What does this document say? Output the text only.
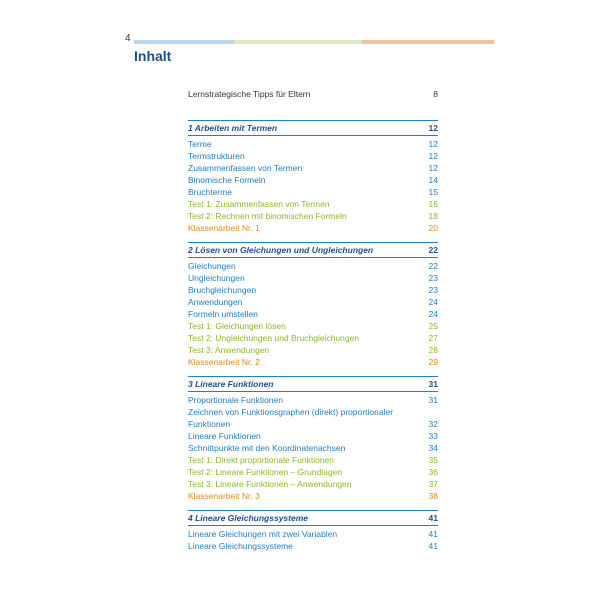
4
Inhalt
Lernstrategische Tipps für Eltern	8
1 Arbeiten mit Termen	12
Terme	12
Termstrukturen	12
Zusammenfassen von Termen	12
Binomische Formeln	14
Bruchterme	15
Test 1: Zusammenfassen von Termen	16
Test 2: Rechnen mit binomischen Formeln	18
Klassenarbeit Nr. 1	20
2 Lösen von Gleichungen und Ungleichungen	22
Gleichungen	22
Ungleichungen	23
Bruchgleichungen	23
Anwendungen	24
Formeln umstellen	24
Test 1: Gleichungen lösen	25
Test 2: Ungleichungen und Bruchgleichungen	27
Test 3: Anwendungen	28
Klassenarbeit Nr. 2	29
3 Lineare Funktionen	31
Proportionale Funktionen	31
Zeichnen von Funktionsgraphen (direkt) proportionaler Funktionen	32
Lineare Funktionen	33
Schnittpunkte mit den Koordinatenachsen	34
Test 1: Direkt proportionale Funktionen	35
Test 2: Lineare Funktionen – Grundlagen	36
Test 3: Lineare Funktionen – Anwendungen	37
Klassenarbeit Nr. 3	38
4 Lineare Gleichungssysteme	41
Lineare Gleichungen mit zwei Variablen	41
Lineare Gleichungssysteme	41
